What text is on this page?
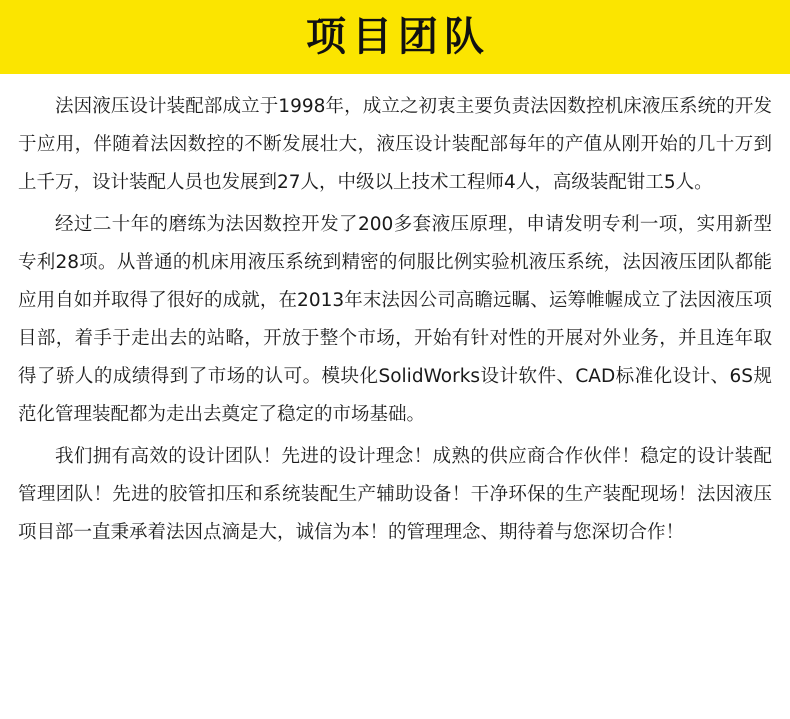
项目团队

法因液压设计装配部成立于1998年，成立之初衷主要负责法因数控机床液压系统的开发于应用，伴随着法因数控的不断发展壮大，液压设计装配部每年的产值从刚开始的几十万到上千万，设计装配人员也发展到27人，中级以上技术工程师4人，高级装配钳工5人。

经过二十年的磨练为法因数控开发了200多套液压原理，申请发明专利一项，实用新型专利28项。从普通的机床用液压系统到精密的伺服比例实验机液压系统，法因液压团队都能应用自如并取得了很好的成就，在2013年末法因公司高瞻远瞩、运筹帷幄成立了法因液压项目部，着手于走出去的站略，开放于整个市场，开始有针对性的开展对外业务，并且连年取得了骄人的成绩得到了市场的认可。模块化SolidWorks设计软件、CAD标准化设计、6S规范化管理装配都为走出去奠定了稳定的市场基础。

我们拥有高效的设计团队！先进的设计理念！成熟的供应商合作伙伴！稳定的设计装配管理团队！先进的胶管扣压和系统装配生产辅助设备！干净环保的生产装配现场！法因液压项目部一直秉承着法因点滴是大，诚信为本！的管理理念、期待着与您深切合作！
